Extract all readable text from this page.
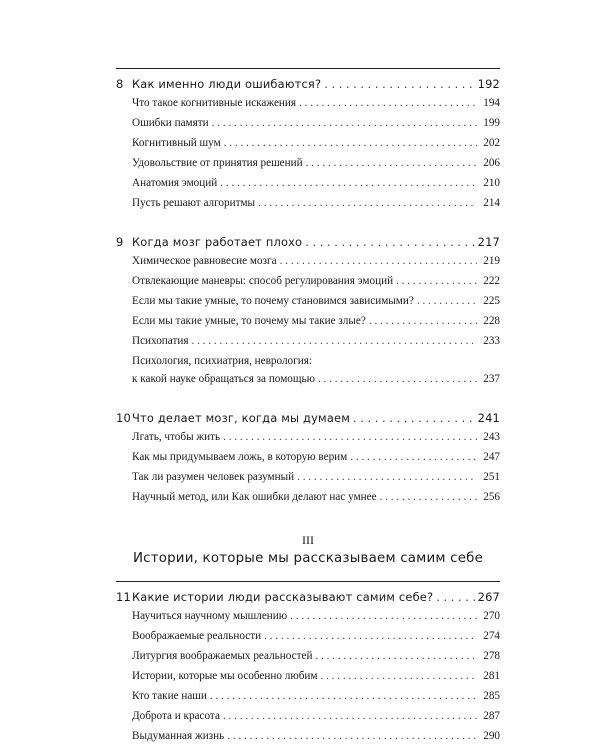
8 Как именно люди ошибаются? . . .	192
Что такое когнитивные искажения . . .	194
Ошибки памяти . . .	199
Когнитивный шум . . .	202
Удовольствие от принятия решений . . .	206
Анатомия эмоций . . .	210
Пусть решают алгоритмы . . .	214
9 Когда мозг работает плохо . . .	217
Химическое равновесие мозга . . .	219
Отвлекающие маневры: способ регулирования эмоций . . .	222
Если мы такие умные, то почему становимся зависимыми? . . .	225
Если мы такие умные, то почему мы такие злые? . . .	228
Психопатия . . .	233
Психология, психиатрия, неврология:
к какой науке обращаться за помощью . . .	237
10 Что делает мозг, когда мы думаем . . .	241
Лгать, чтобы жить . . .	243
Как мы придумываем ложь, в которую верим . . .	247
Так ли разумен человек разумный . . .	251
Научный метод, или Как ошибки делают нас умнее . . .	256
III
Истории, которые мы рассказываем самим себе
11 Какие истории люди рассказывают самим себе? . . .	267
Научиться научному мышлению . . .	270
Воображаемые реальности . . .	274
Литургия воображаемых реальностей . . .	278
Истории, которые мы особенно любим . . .	281
Кто такие наши . . .	285
Доброта и красота . . .	287
Выдуманная жизнь . . .	290
